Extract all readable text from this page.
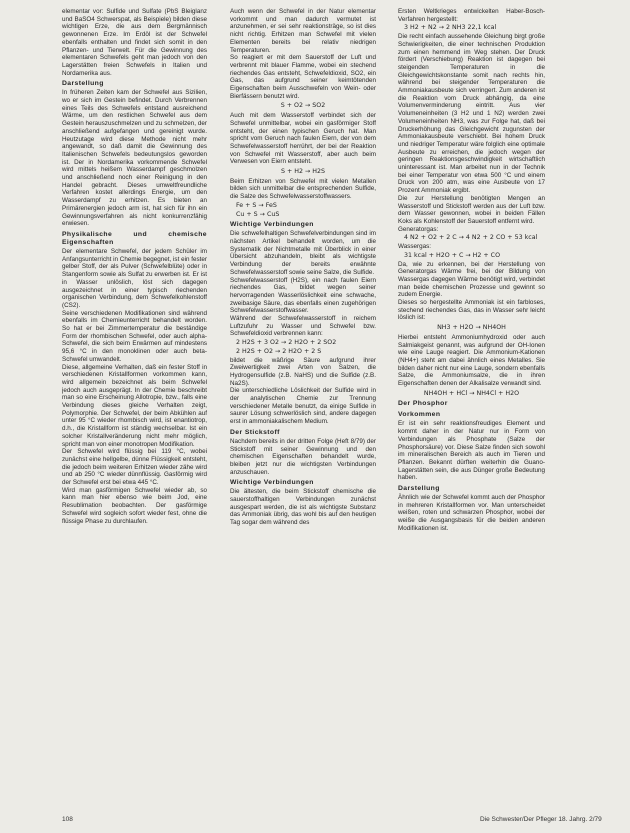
elementar vor: Sulfide und Sulfate (PbS Bleiglanz und BaSO4 Schwerspat, als Beispiele) bilden diese wichtigen Erze, die aus dem Bergmännisch gewonnenen Erze. Im Erdöl ist der Schwefel ebenfalls enthalten und findet sich somit in den Pflanzen- und Tierwelt. Für die Gewinnung des elementaren Schwefels geht man jedoch von den Lagerstätten freien Schwefels in Italien und Nordamerika aus.

Darstellung

In früheren Zeiten kam der Schwefel aus Sizilien, wo er sich im Gestein befindet. Durch Verbrennen eines Teils des Schwefels entstand ausreichend Wärme, um den restlichen Schwefel aus dem Gestein herauszuschmelzen und zu schmelzen, der anschließend aufgefangen und gereinigt wurde. Heutzutage wird diese Methode nicht mehr angewandt, so daß damit die Gewinnung des Italienischen Schwefels bedeutungslos geworden ist. Der in Nordamerika vorkommende Schwefel wird mittels heißem Wasserdampf geschmolzen und anschließend noch einer Reinigung in den Handel gebracht. Dieses umweltfreundliche Verfahren kostet allerdings Energie, um den Wasserdampf zu erhitzen. Es bieten an Primärenergien jedoch arm ist, hat sich für ihn ein Gewinnungsverfahren als nicht konkurrenzfähig erwiesen.

Physikalische und chemische Eigenschaften

Der elementare Schwefel, der jedem Schüler im Anfangsunterricht in Chemie begegnet, ist ein fester gelber Stoff, der als Pulver (Schwefelblüte) oder in Stangenform sowie als Sulfat zu erwerben ist. Er ist in Wasser unlöslich, löst sich dagegen ausgezeichnet in einer typisch riechenden organischen Verbindung, dem Schwefelkohlenstoff (CS2).

Seine verschiedenen Modifikationen sind während ebenfalls im Chemieunterricht behandelt worden. So hat er bei Zimmertemperatur die beständige Form der rhombischen Schwefel, oder auch alpha-Schwefel, die sich beim Erwärmen auf mindestens 95,6 °C in den monoklinen oder auch beta-Schwefel umwandelt.

Diese, allgemeine Verhalten, daß ein fester Stoff in verschiedenen Kristallformen vorkommen kann, wird allgemein bezeichnet als beim Schwefel jedoch auch ausgeprägt. In der Chemie beschreibt man so eine Erscheinung Allotropie, bzw., falls eine Verbindung dieses gleiche Verhalten zeigt, Polymorphie. Der Schwefel, der beim Abkühlen auf unter 95 °C wieder rhombisch wird, ist enantiotrop, d.h., die Kristallform ist ständig wechselbar. Ist ein solcher Kristallveränderung nicht mehr möglich, spricht man von einer monotropen Modifikation.

Der Schwefel wird flüssig bei 119 °C, wobei zunächst eine hellgelbe, dünne Flüssigkeit entsteht, die jedoch beim weiteren Erhitzen wieder zähe wird und ab 250 °C wieder dünnflüssig. Gasförmig wird der Schwefel erst bei etwa 445 °C.

Wird man gasförmigen Schwefel wieder ab, so kann man hier ebenso wie beim Jod, eine Resublimation beobachten. Der gasförmige Schwefel wird sogleich sofort wieder fest, ohne die flüssige Phase zu durchlaufen.

Auch wenn der Schwefel in der Natur elementar vorkommt und man dadurch vermutet ist anzunehmen, er sei sehr reaktionsträge, so ist dies nicht richtig. Erhitzen man Schwefel mit vielen Elementen bereits bei relativ niedrigen Temperaturen.

So reagiert er mit dem Sauerstoff der Luft und verbrennt mit blauer Flamme, wobei ein stechend riechendes Gas entsteht, Schwefeldioxid, SO2, ein Gas, das aufgrund seiner keimtötenden Eigenschaften beim Ausschwefeln von Wein- oder Bierfässern benutzt wird.

S + O2 → SO2

Auch mit dem Wasserstoff verbindet sich der Schwefel unmittelbar, wobei ein gasförmiger Stoff entsteht, der einen typischen Geruch hat. Man spricht vom Geruch nach faulen Eiern, der von dem Schwefelwasserstoff herrührt, der bei der Reaktion von Schwefel mit Wasserstoff, aber auch beim Verwesen von Eiern entsteht.

S + H2 → H2S

Beim Erhitzen von Schwefel mit vielen Metallen bilden sich unmittelbar die entsprechenden Sulfide, die Salze des Schwefelwasserstoffwassers.

Fe + S → FeS
Cu + S → CuS
Wichtige Verbindungen

Die schwefelhaltigen Schwefelverbindungen sind im nächsten Artikel behandelt worden, um die Systematik der Nichtmetalle mit Überblick in einer Übersicht abzuhandeln, bleibt als wichtigste Verbindung der bereits erwähnte Schwefelwasserstoff sowie seine Salze, die Sulfide.

Schwefelwasserstoff (H2S), ein nach faulen Eiern riechendes Gas, bildet wegen seiner hervorragenden Wasserlöslichkeit eine schwache, zweibasige Säure, das ebenfalls einen zugehörigen Schwefelwasserstoffwasser.

Während der Schwefelwasserstoff in reichem Luftzufuhr zu Wasser und Schwefel bzw. Schwefeldioxid verbrennen kann:

2 H2S + 3 O2 → 2 H2O + 2 SO2
2 H2S + O2 → 2 H2O + 2 S

bildet die wäßrige Säure aufgrund ihrer Zweiwertigkeit zwei Arten von Salzen, die Hydrogensulfide (z.B. NaHS) und die Sulfide (z.B. Na2S).

Die unterschiedliche Löslichkeit der Sulfide wird in der analytischen Chemie zur Trennung verschiedener Metalle benutzt, da einige Sulfide in saurer Lösung schwerlöslich sind, andere dagegen erst in ammoniakalischem Medium.

Der Stickstoff

Nachdem bereits in der dritten Folge (Heft 8/79) der Stickstoff mit seiner Gewinnung und den chemischen Eigenschaften behandelt wurde, bleiben jetzt nur die wichtigsten Verbindungen anzuschauen.

Wichtige Verbindungen

Die ältesten, die beim Stickstoff chemische die sauerstoffhaltigen Verbindungen zunächst ausgespart werden, die ist als wichtigste Substanz das Ammoniak übrig, das wohl bis auf den heutigen Tag sogar dem während des

Ersten Weltkrieges entwickelten Haber-Bosch-Verfahren hergestellt:

3 H2 + N2 → 2 NH3 22,1 kcal

Die recht einfach aussehende Gleichung birgt große Schwierigkeiten, die einer technischen Produktion zum einen hemmend im Weg stehen. Der Druck fördert (Verschiebung) Reaktion ist dagegen bei steigenden Temperaturen in die Gleichgewichtskonstante somit nach rechts hin, während bei steigender Temperaturen die Ammoniakausbeute sich verringert. Zum anderen ist die Reaktion vom Druck abhängig, da eine Volumenverminderung eintritt. Aus vier Volumeneinheiten (3 H2 und 1 N2) werden zwei Volumeneinheiten NH3, was zur Folge hat, daß bei Druckerhöhung das Gleichgewicht zugunsten der Ammoniakausbeute verschiebt. Bei hohem Druck und niedriger Temperatur wäre folglich eine optimale Ausbeute zu erreichen, die jedoch wegen der geringen Reaktionsgeschwindigkeit wirtschaftlich uninteressant ist. Man arbeitet nun in der Technik bei einer Temperatur von etwa 500 °C und einem Druck von 200 atm, was eine Ausbeute von 17 Prozent Ammoniak ergibt.

Die zur Herstellung benötigten Mengen an Wasserstoff und Stickstoff werden aus der Luft bzw. dem Wasser gewonnen, wobei in beiden Fällen Koks als Kohlenstoff der Sauerstoff entfernt wird.

Generatorgas:

4 N2 + O2 + 2 C → 4 N2 + 2 CO + 53 kcal

Wassergas:

31 kcal + H2O + C → H2 + CO

Da, wie zu erkennen, bei der Herstellung von Generatorgas Wärme frei, bei der Bildung von Wassergas dagegen Wärme benötigt wird, verbindet man beide chemischen Prozesse und gewinnt so zudem Energie.

Dieses so hergestellte Ammoniak ist ein farbloses, stechend riechendes Gas, das in Wasser sehr leicht löslich ist:

NH3 + H2O → NH4OH

Hierbei entsteht Ammoniumhydroxid oder auch Salmiakgeist genannt, was aufgrund der OH-Ionen wie eine Lauge reagiert. Die Ammonium-Kationen (NH4+) steht am dabei ähnlich eines Metalles. Sie bilden daher nicht nur eine Lauge, sondern ebenfalls Salze, die Ammoniumsalze, die in ihren Eigenschaften denen der Alkalisalze verwandt sind.

NH4OH + HCl → NH4Cl + H2O
Der Phosphor
Vorkommen

Er ist ein sehr reaktionsfreudiges Element und kommt daher in der Natur nur in Form von Verbindungen als Phosphate (Salze der Phosphorsäure) vor. Diese Salze finden sich sowohl im mineralischen Bereich als auch im Tieren und Pflanzen. Bekannt dürften weiterhin die Guano-Lagerstätten sein, die aus Dünger große Bedeutung haben.

Darstellung

Ähnlich wie der Schwefel kommt auch der Phosphor in mehreren Kristallformen vor. Man unterscheidet weißen, roten und schwarzen Phosphor, wobei der weiße die Ausgangsbasis für die beiden anderen Modifikationen ist.

108	Die Schwester/Der Pfleger 18. Jahrg. 2/79
